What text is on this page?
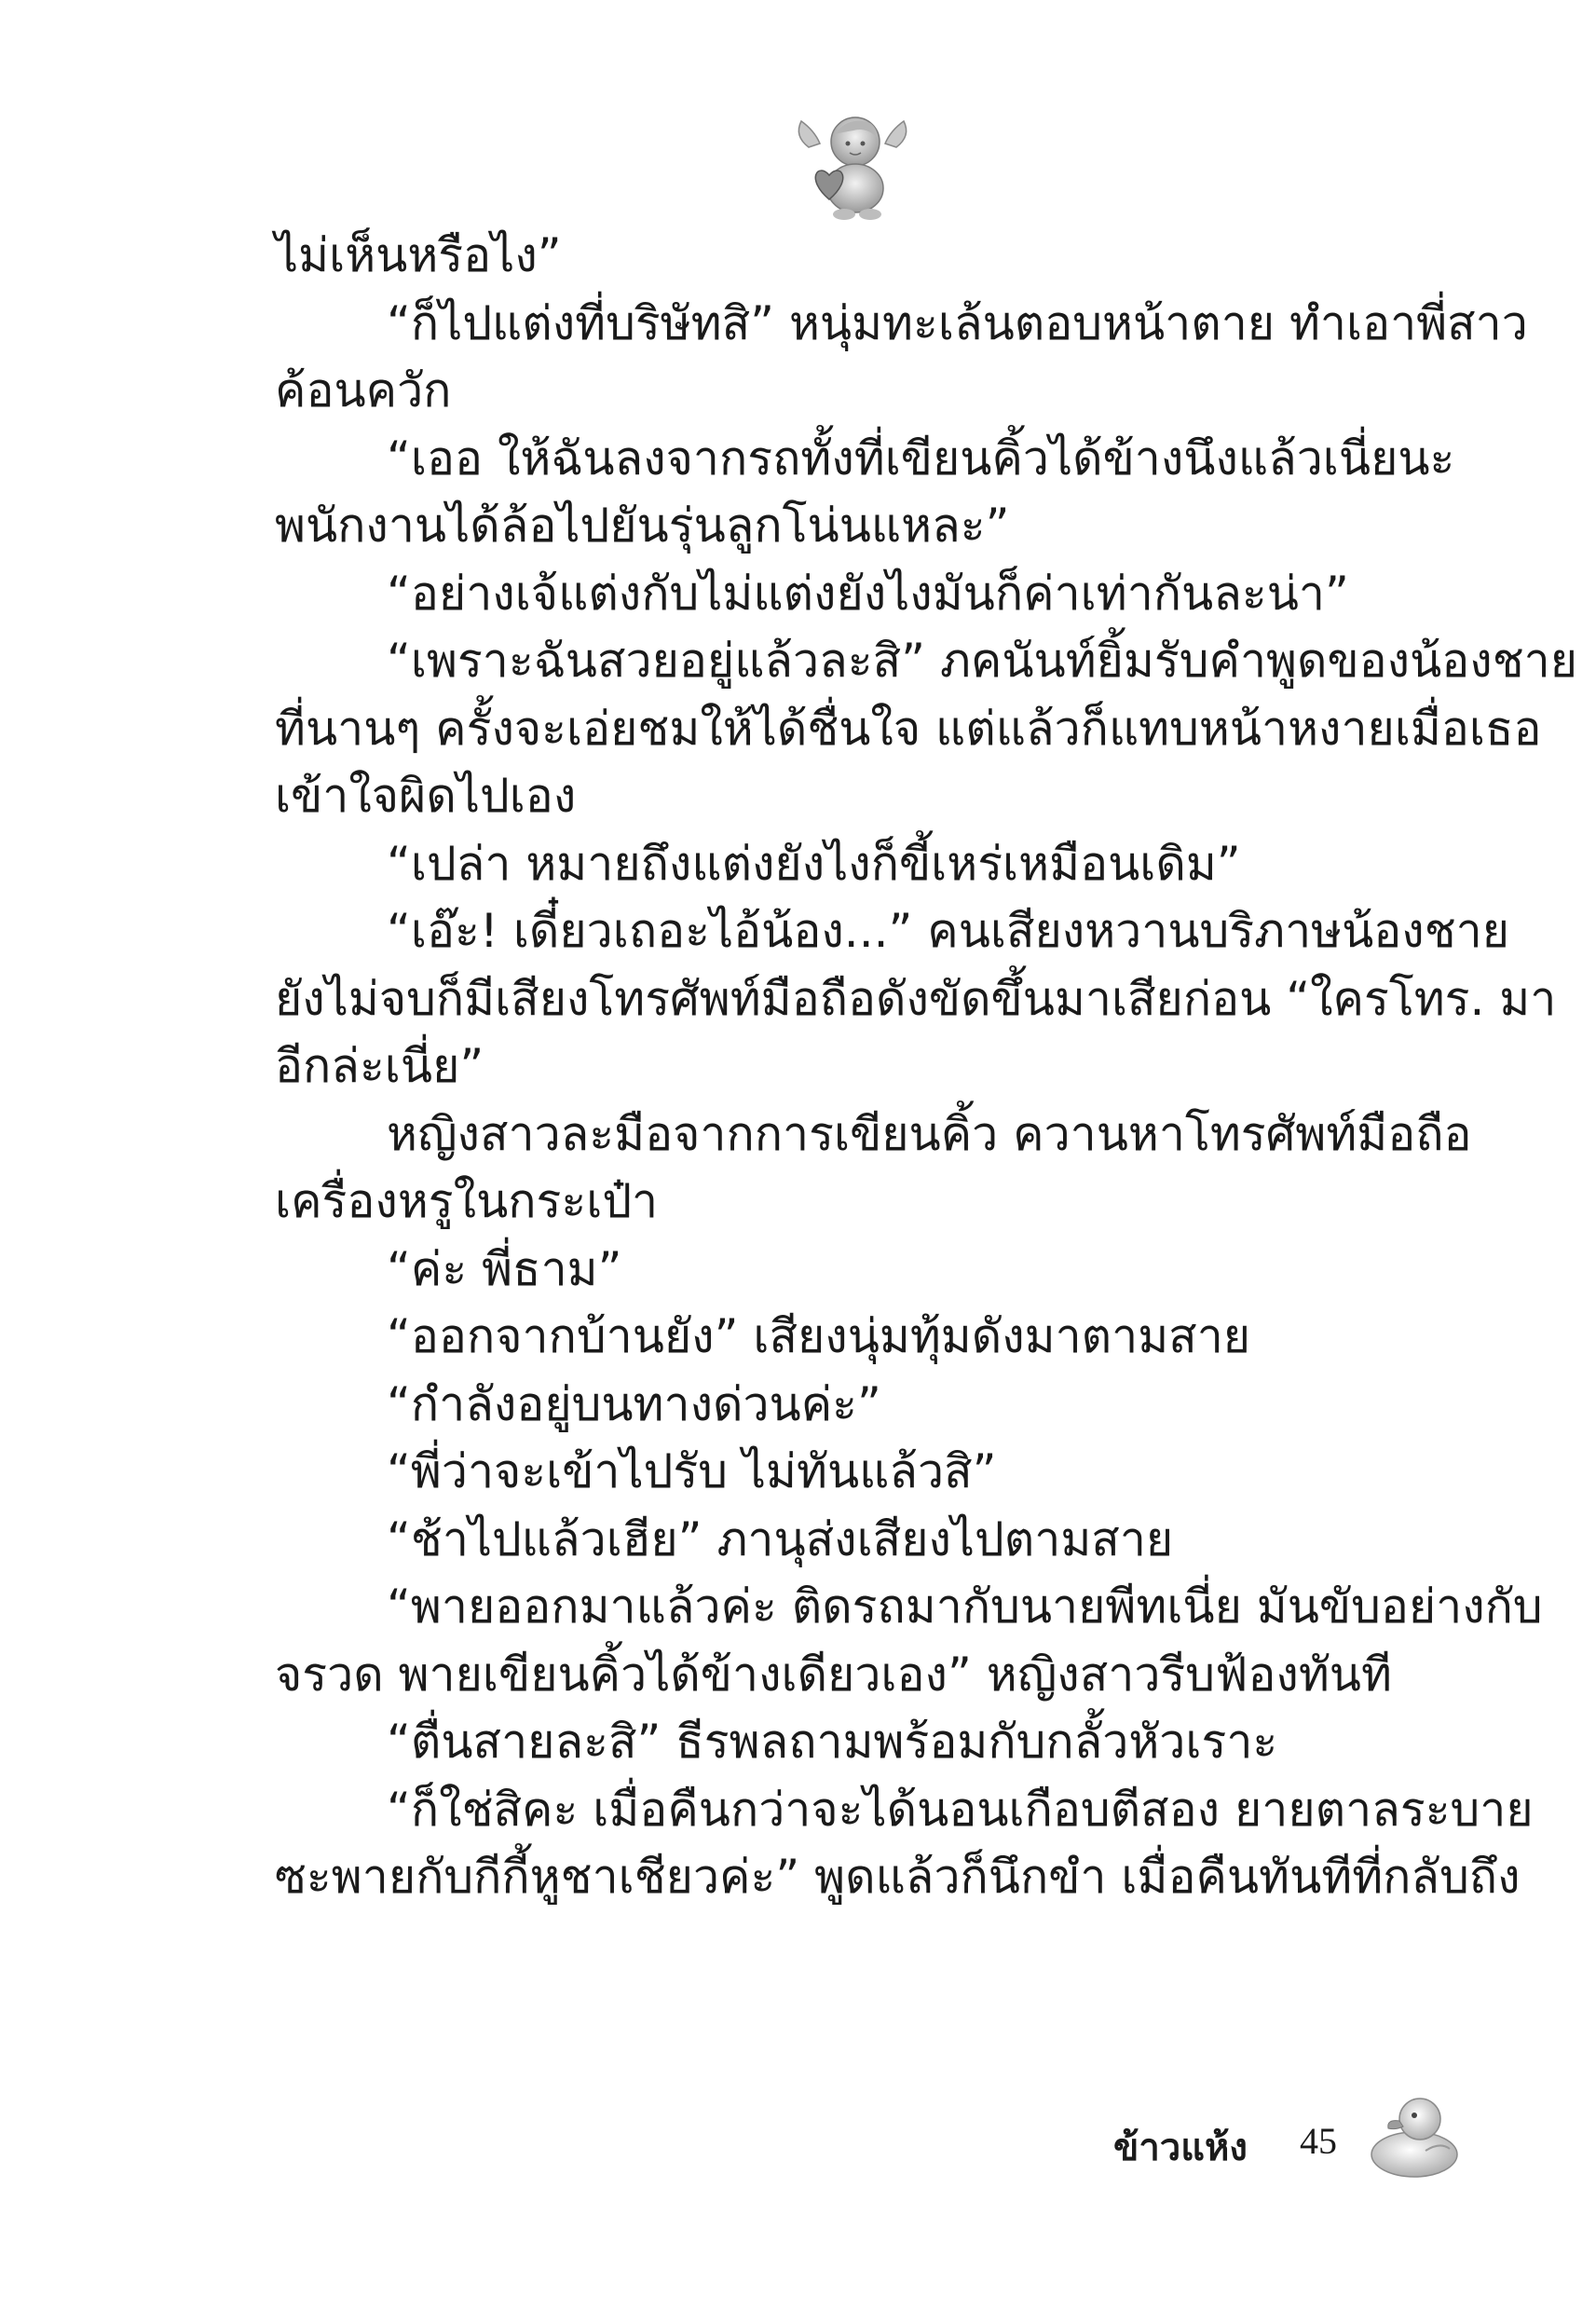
ไม่เห็นหรือไง”
“ก็ไปแต่งที่บริษัทสิ” หนุ่มทะเล้นตอบหน้าตาย ทำเอาพี่สาว
ค้อนควัก
“เออ ให้ฉันลงจากรถทั้งที่เขียนคิ้วได้ข้างนึงแล้วเนี่ยนะ
พนักงานได้ล้อไปยันรุ่นลูกโน่นแหละ”
“อย่างเจ้แต่งกับไม่แต่งยังไงมันก็ค่าเท่ากันละน่า”
“เพราะฉันสวยอยู่แล้วละสิ” ภคนันท์ยิ้มรับคำพูดของน้องชาย
ที่นานๆ ครั้งจะเอ่ยชมให้ได้ชื่นใจ แต่แล้วก็แทบหน้าหงายเมื่อเธอ
เข้าใจผิดไปเอง
“เปล่า หมายถึงแต่งยังไงก็ขี้เหร่เหมือนเดิม”
“เอ๊ะ! เดี๋ยวเถอะไอ้น้อง...” คนเสียงหวานบริภาษน้องชาย
ยังไม่จบก็มีเสียงโทรศัพท์มือถือดังขัดขึ้นมาเสียก่อน “ใครโทร. มา
อีกล่ะเนี่ย”
หญิงสาวละมือจากการเขียนคิ้ว ควานหาโทรศัพท์มือถือ
เครื่องหรูในกระเป๋า
“ค่ะ พี่ธาม”
“ออกจากบ้านยัง” เสียงนุ่มทุ้มดังมาตามสาย
“กำลังอยู่บนทางด่วนค่ะ”
“พี่ว่าจะเข้าไปรับ ไม่ทันแล้วสิ”
“ช้าไปแล้วเฮีย” ภานุส่งเสียงไปตามสาย
“พายออกมาแล้วค่ะ ติดรถมากับนายพีทเนี่ย มันขับอย่างกับ
จรวด พายเขียนคิ้วได้ข้างเดียวเอง” หญิงสาวรีบฟ้องทันที
“ตื่นสายละสิ” ธีรพลถามพร้อมกับกลั้วหัวเราะ
“ก็ใช่สิคะ เมื่อคืนกว่าจะได้นอนเกือบตีสอง ยายตาลระบาย
ซะพายกับกีกี้หูชาเชียวค่ะ” พูดแล้วก็นึกขำ เมื่อคืนทันทีที่กลับถึง
ข้าวแห้ง 45
